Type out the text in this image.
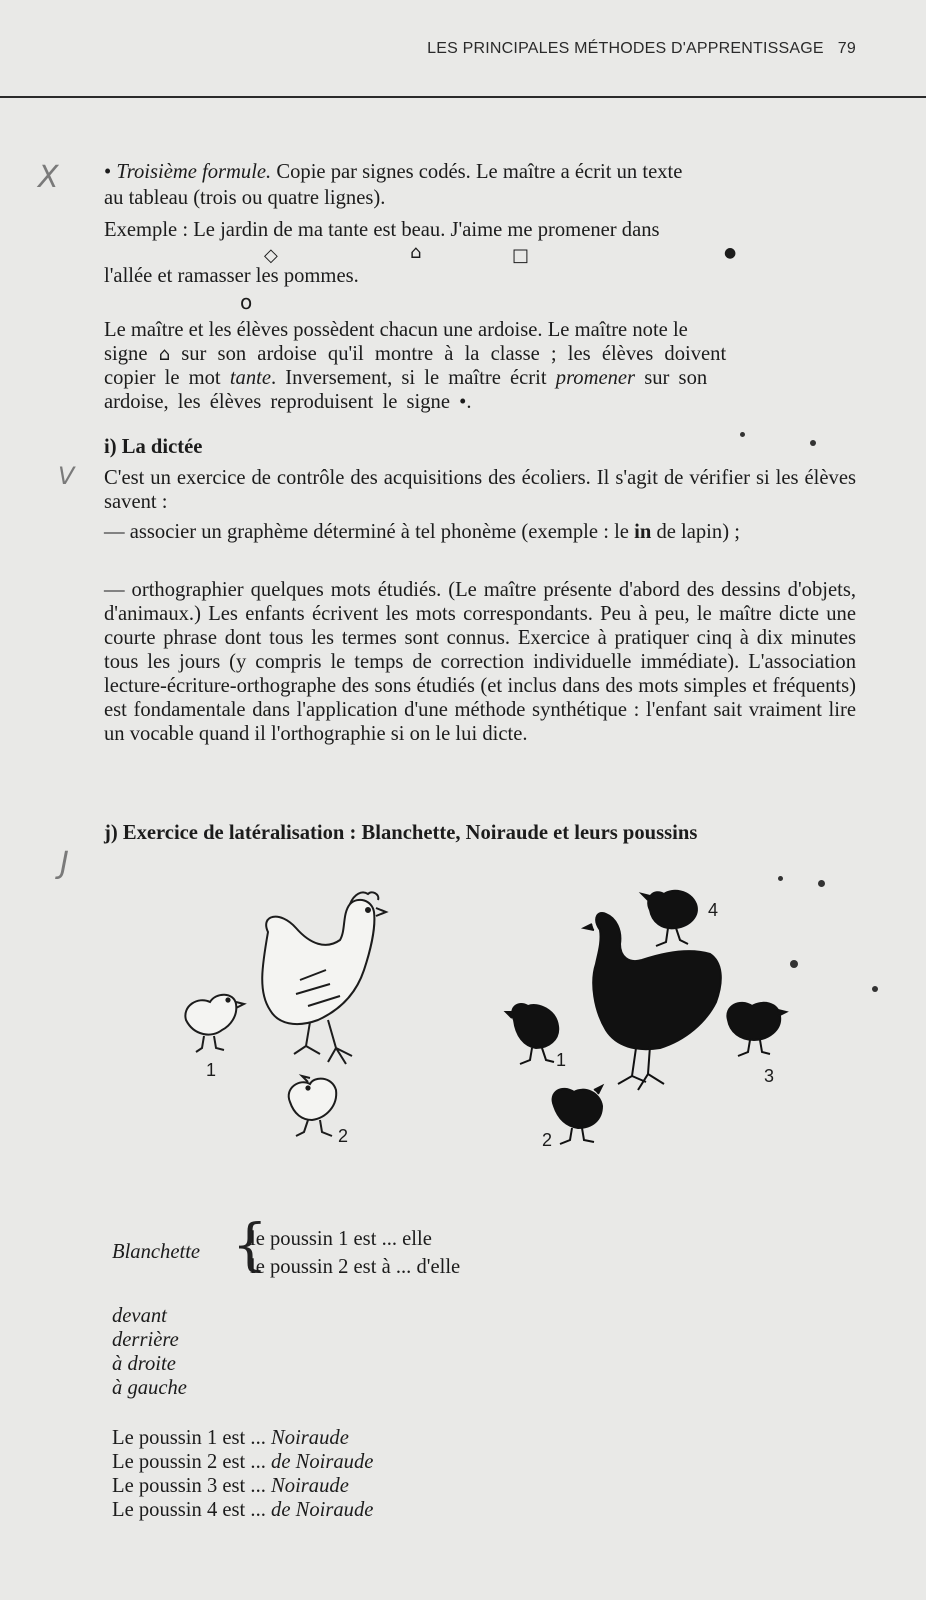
LES PRINCIPALES MÉTHODES D'APPRENTISSAGE 79
X
V
J
• Troisième formule. Copie par signes codés. Le maître a écrit un texte
au tableau (trois ou quatre lignes).
Exemple : Le jardin de ma tante est beau. J'aime me promener dans
◇	⌂	□	●
l'allée et ramasser les pommes.
o
Le maître et les élèves possèdent chacun une ardoise. Le maître note le
signe ⌂ sur son ardoise qu'il montre à la classe ; les élèves doivent
copier le mot tante. Inversement, si le maître écrit promener sur son
ardoise, les élèves reproduisent le signe •.
i) La dictée
C'est un exercice de contrôle des acquisitions des écoliers. Il s'agit de vérifier si les élèves savent :
— associer un graphème déterminé à tel phonème (exemple : le in de lapin) ;
— orthographier quelques mots étudiés. (Le maître présente d'abord des dessins d'objets, d'animaux.) Les enfants écrivent les mots correspondants. Peu à peu, le maître dicte une courte phrase dont tous les termes sont connus. Exercice à pratiquer cinq à dix minutes tous les jours (y compris le temps de correction individuelle immédiate). L'association lecture-écriture-orthographe des sons étudiés (et inclus dans des mots simples et fréquents) est fondamentale dans l'application d'une méthode synthétique : l'enfant sait vraiment lire un vocable quand il l'orthographie si on le lui dicte.
j) Exercice de latéralisation : Blanchette, Noiraude et leurs poussins
1
2
4
1
2
3
Blanchette {
le poussin 1 est ... elle
le poussin 2 est à ... d'elle
devant
derrière
à droite
à gauche
Le poussin 1 est ... Noiraude
Le poussin 2 est ... de Noiraude
Le poussin 3 est ... Noiraude
Le poussin 4 est ... de Noiraude
